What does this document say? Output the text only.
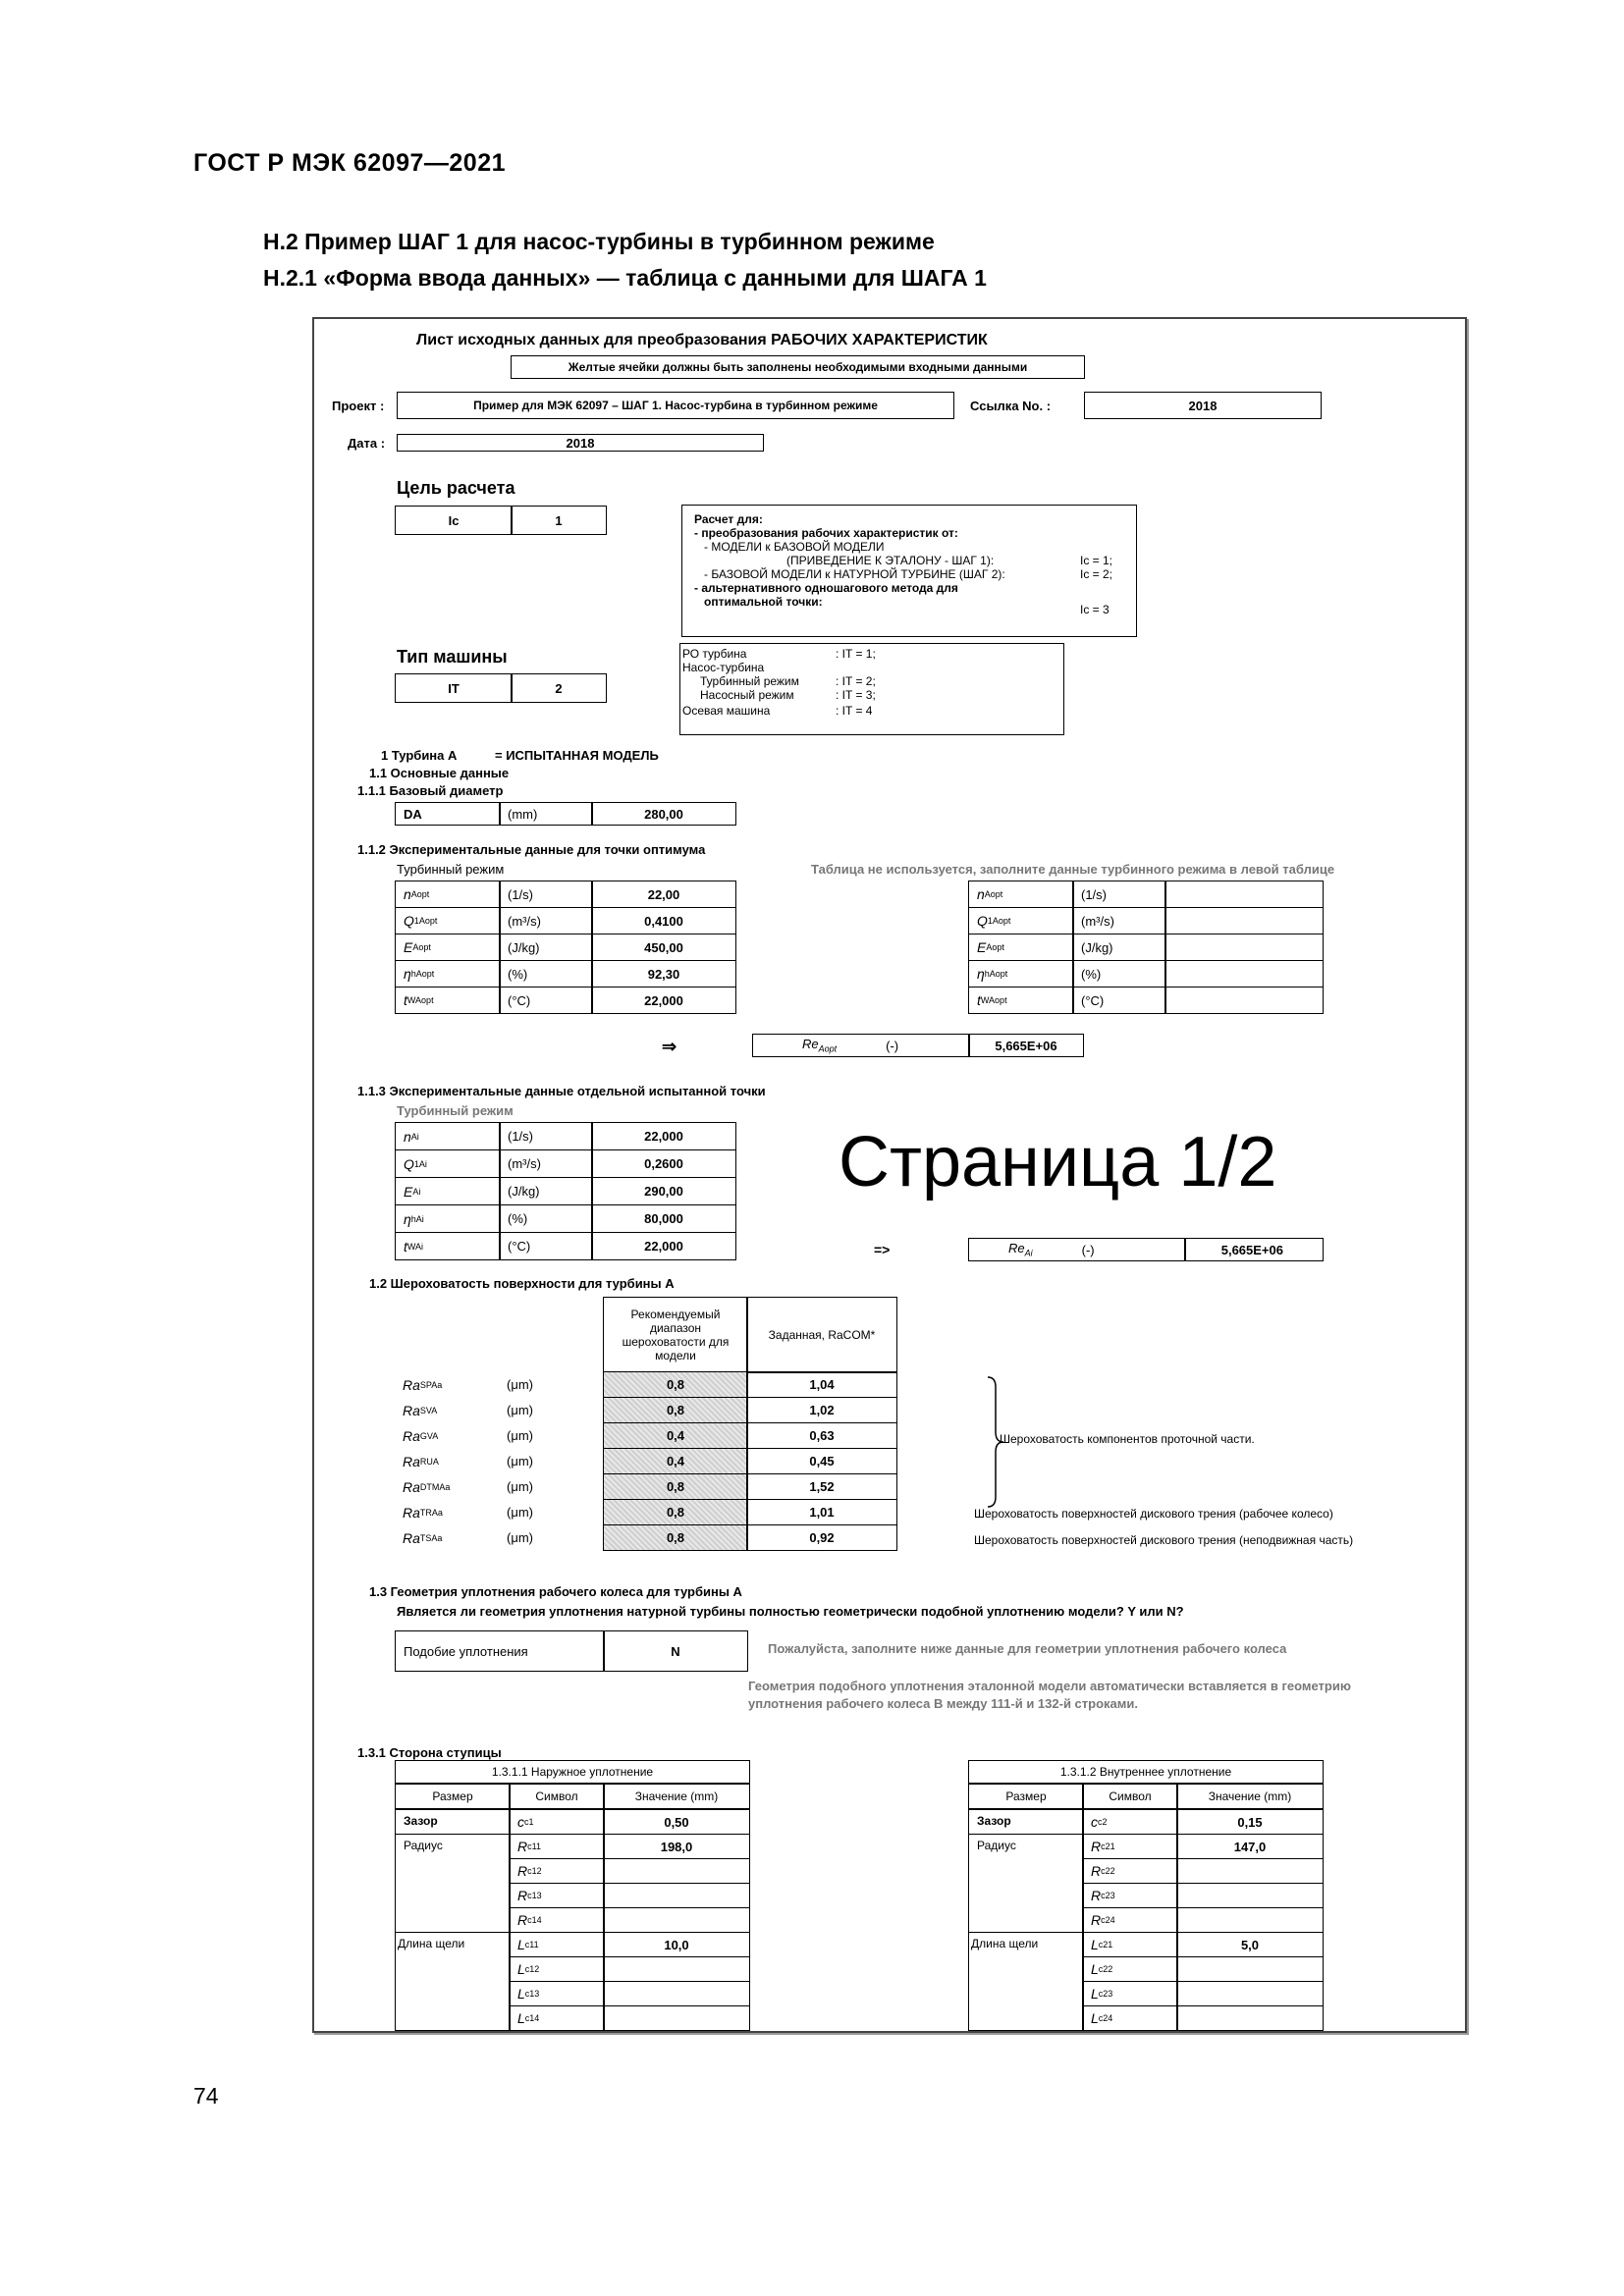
ГОСТ Р МЭК 62097—2021
H.2 Пример ШАГ 1 для насос-турбины в турбинном режиме
H.2.1 «Форма ввода данных» — таблица с данными для ШАГА 1
Лист исходных данных для преобразования РАБОЧИХ ХАРАКТЕРИСТИК
Желтые ячейки должны быть заполнены необходимыми входными данными
Проект :	Пример для МЭК 62097 – ШАГ 1. Насос-турбина в турбинном режиме	Ссылка No. :	2018
Дата :	2018
Цель расчета
Ic	1	Расчет для:
- преобразования рабочих характеристик от:
- МОДЕЛИ к БАЗОВОЙ МОДЕЛИ
(ПРИВЕДЕНИЕ К ЭТАЛОНУ - ШАГ 1):	Ic = 1;
- БАЗОВОЙ МОДЕЛИ к НАТУРНОЙ ТУРБИНЕ (ШАГ 2):	Ic = 2;
- альтернативного одношагового метода для
оптимальной точки:
Ic = 3
Тип машины
IT	2
РО турбина	: IT = 1;
Насос-турбина
Турбинный режим	: IT = 2;
Насосный режим	: IT = 3;
Осевая машина	: IT = 4
1 Турбина А	= ИСПЫТАННАЯ МОДЕЛЬ
1.1 Основные данные
1.1.1 Базовый диаметр
DA	(mm)	280,00
1.1.2 Экспериментальные данные для точки оптимума
Турбинный режим	Таблица не используется, заполните данные турбинного режима в левой таблице
n Aopt	(1/s)	22,00
Q 1Aopt	(m³/s)	0,4100
E Aopt	(J/kg)	450,00
η hAopt	(%)	92,30
t WAopt	(°C)	22,000
n Aopt	(1/s)
Q 1Aopt	(m³/s)
E Aopt	(J/kg)
η hAopt	(%)
t WAopt	(°C)
⇒	$Re_{Aopt}$	(-)	5,665E+06
1.1.3 Экспериментальные данные отдельной испытанной точки
Турбинный режим
n Ai	(1/s)	22,000
Q 1Ai	(m³/s)	0,2600
E Ai	(J/kg)	290,00
η hAi	(%)	80,000
t WAi	(°C)	22,000
Страница 1/2
=>	$Re_{Ai}$	(-)	5,665E+06
1.2 Шероховатость поверхности для турбины А
Рекомендуемый диапазон шероховатости для модели
Заданная, RaCOM*
Ra SPA a	(μm)	0,8	1,04
Ra SVA	(μm)	0,8	1,02
Ra GVA	(μm)	0,4	0,63
Ra RUA	(μm)	0,4	0,45
Ra DTMA a	(μm)	0,8	1,52
Ra TRA a	(μm)	0,8	1,01
Ra TSA a	(μm)	0,8	0,92
Шероховатость компонентов проточной части.
Шероховатость поверхностей дискового трения (рабочее колесо)
Шероховатость поверхностей дискового трения (неподвижная часть)
1.3 Геометрия уплотнения рабочего колеса для турбины А
Является ли геометрия уплотнения натурной турбины полностью геометрически подобной уплотнению модели? Y или N?
Подобие уплотнения	N	Пожалуйста, заполните ниже данные для геометрии уплотнения рабочего колеса
Геометрия подобного уплотнения эталонной модели автоматически вставляется в геометрию
уплотнения рабочего колеса B между 111-й и 132-й строками.
1.3.1 Сторона ступицы
1.3.1.1 Наружное уплотнение
Размер	Символ	Значение (mm)
Зазор
Радиус
Длина щели
c c1	0,50
R c11	198,0
R c12
R c13
R c14
L c11	10,0
L c12
L c13
L c14
1.3.1.2 Внутреннее уплотнение
Размер	Символ	Значение (mm)
Зазор
Радиус
Длина щели
c c2	0,15
R c21	147,0
R c22
R c23
R c24
L c21	5,0
L c22
L c23
L c24
74
